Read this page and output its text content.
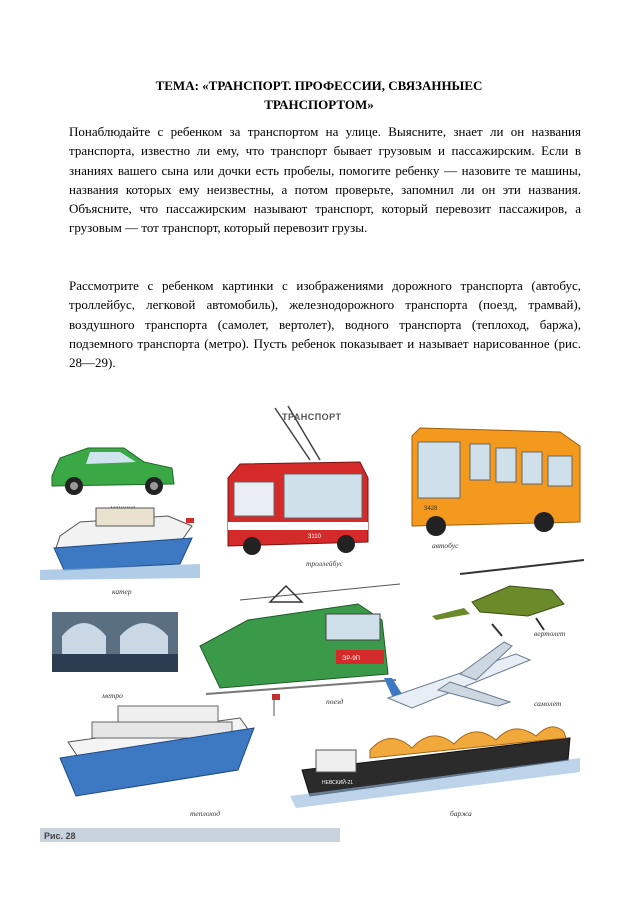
ТЕМА: «ТРАНСПОРТ. ПРОФЕССИИ, СВЯЗАННЫЕС ТРАНСПОРТОМ»

Понаблюдайте с ребенком за транспортом на улице. Выясните, знает ли он названия транспорта, известно ли ему, что транспорт бывает грузовым и пассажирским. Если в знаниях вашего сына или дочки есть пробелы, помогите ребенку — назовите те машины, названия которых ему неизвестны, а потом проверьте, запомнил ли он эти названия. Объясните, что пассажирским называют транспорт, который перевозит пассажиров, а грузовым — тот транспорт, который перевозит грузы.

Рассмотрите с ребенком картинки с изображениями дорожного транспорта (автобус, троллейбус, легковой автомобиль), железнодорожного транспорта (поезд, трамвай), воздушного транспорта (самолет, вертолет), водного транспорта (теплоход, баржа), подземного транспорта (метро). Пусть ребенок показывает и называет нарисованное (рис. 28—29).

ТРАНСПОРТ
3110
троллейбус
3428
автобус
катер
вертолет
метро
ЭР-9П
поезд	самолет
теплоход
НЕВСКИЙ-21
баржа
Рис. 28
